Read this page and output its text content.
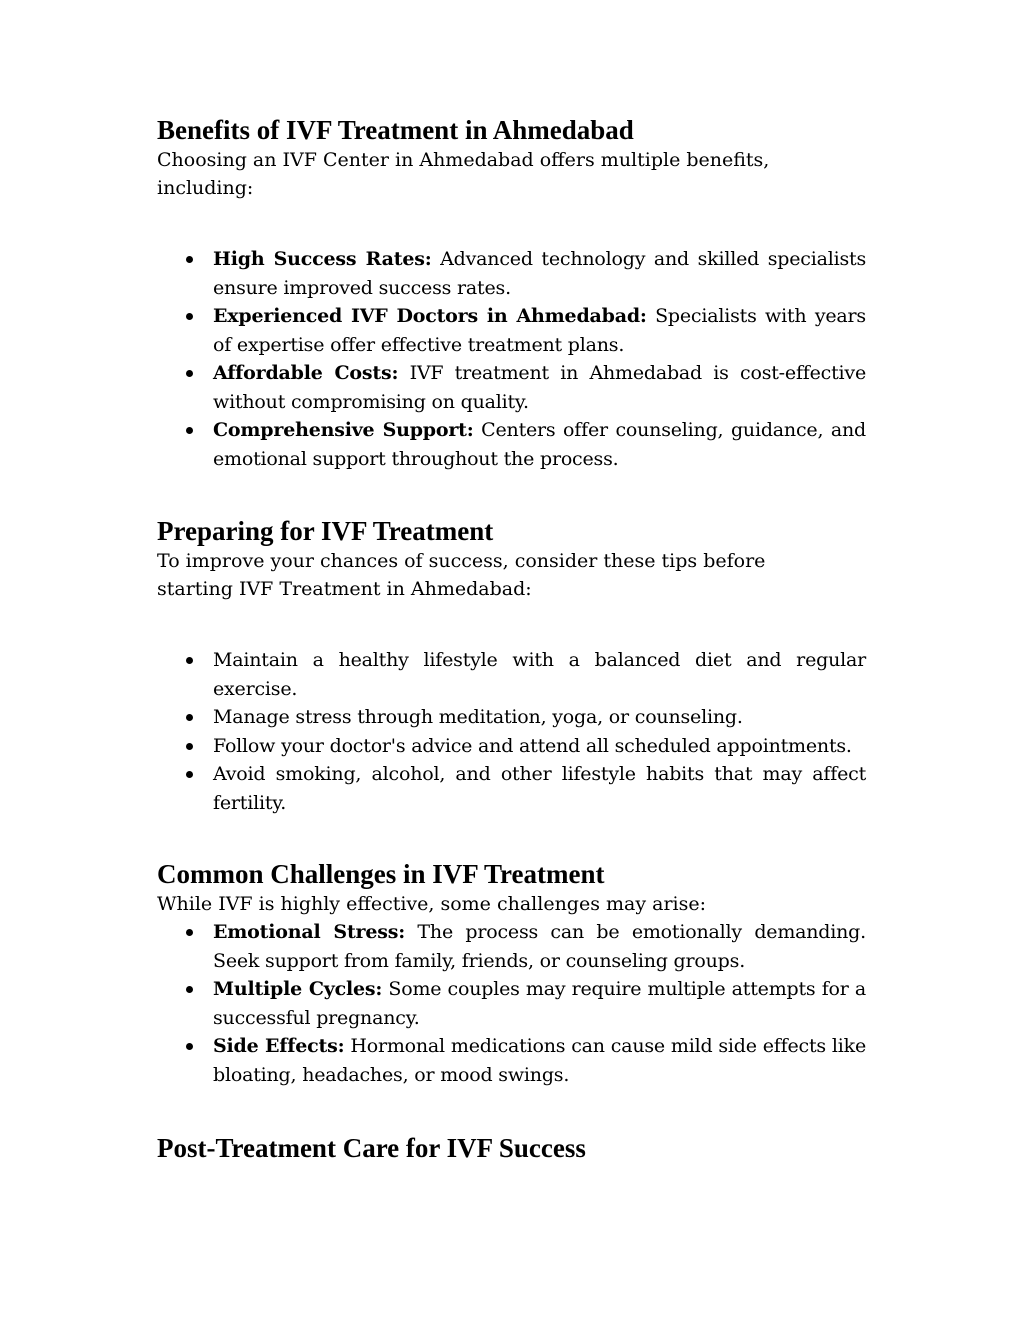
Benefits of IVF Treatment in Ahmedabad

Choosing an IVF Center in Ahmedabad offers multiple benefits, including:

High Success Rates: Advanced technology and skilled specialists ensure improved success rates.
Experienced IVF Doctors in Ahmedabad: Specialists with years of expertise offer effective treatment plans.
Affordable Costs: IVF treatment in Ahmedabad is cost-effective without compromising on quality.
Comprehensive Support: Centers offer counseling, guidance, and emotional support throughout the process.
Preparing for IVF Treatment

To improve your chances of success, consider these tips before starting IVF Treatment in Ahmedabad:

Maintain a healthy lifestyle with a balanced diet and regular exercise.
Manage stress through meditation, yoga, or counseling.
Follow your doctor's advice and attend all scheduled appointments.
Avoid smoking, alcohol, and other lifestyle habits that may affect fertility.
Common Challenges in IVF Treatment

While IVF is highly effective, some challenges may arise:

Emotional Stress: The process can be emotionally demanding. Seek support from family, friends, or counseling groups.
Multiple Cycles: Some couples may require multiple attempts for a successful pregnancy.
Side Effects: Hormonal medications can cause mild side effects like bloating, headaches, or mood swings.
Post-Treatment Care for IVF Success
